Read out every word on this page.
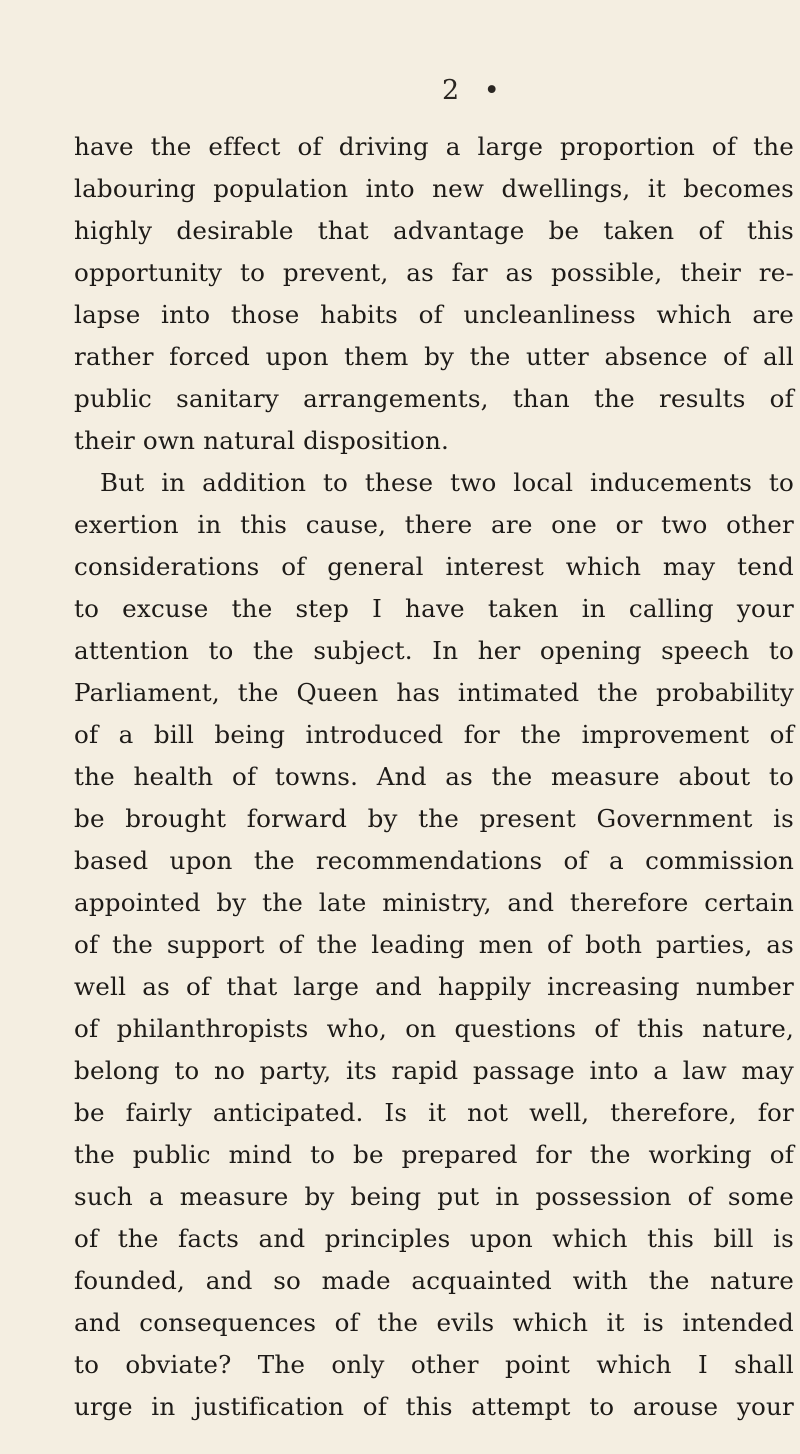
2 •
have the effect of driving a large proportion of the
labouring population into new dwellings, it becomes
highly desirable that advantage be taken of this
opportunity to prevent, as far as possible, their re-
lapse into those habits of uncleanliness which are
rather forced upon them by the utter absence of all
public sanitary arrangements, than the results of
their own natural disposition.
But in addition to these two local inducements to
exertion in this cause, there are one or two other
considerations of general interest which may tend
to excuse the step I have taken in calling your
attention to the subject. In her opening speech to
Parliament, the Queen has intimated the probability
of a bill being introduced for the improvement of
the health of towns. And as the measure about to
be brought forward by the present Government is
based upon the recommendations of a commission
appointed by the late ministry, and therefore certain
of the support of the leading men of both parties, as
well as of that large and happily increasing number
of philanthropists who, on questions of this nature,
belong to no party, its rapid passage into a law may
be fairly anticipated. Is it not well, therefore, for
the public mind to be prepared for the working of
such a measure by being put in possession of some
of the facts and principles upon which this bill is
founded, and so made acquainted with the nature
and consequences of the evils which it is intended
to obviate? The only other point which I shall
urge in justification of this attempt to arouse your
